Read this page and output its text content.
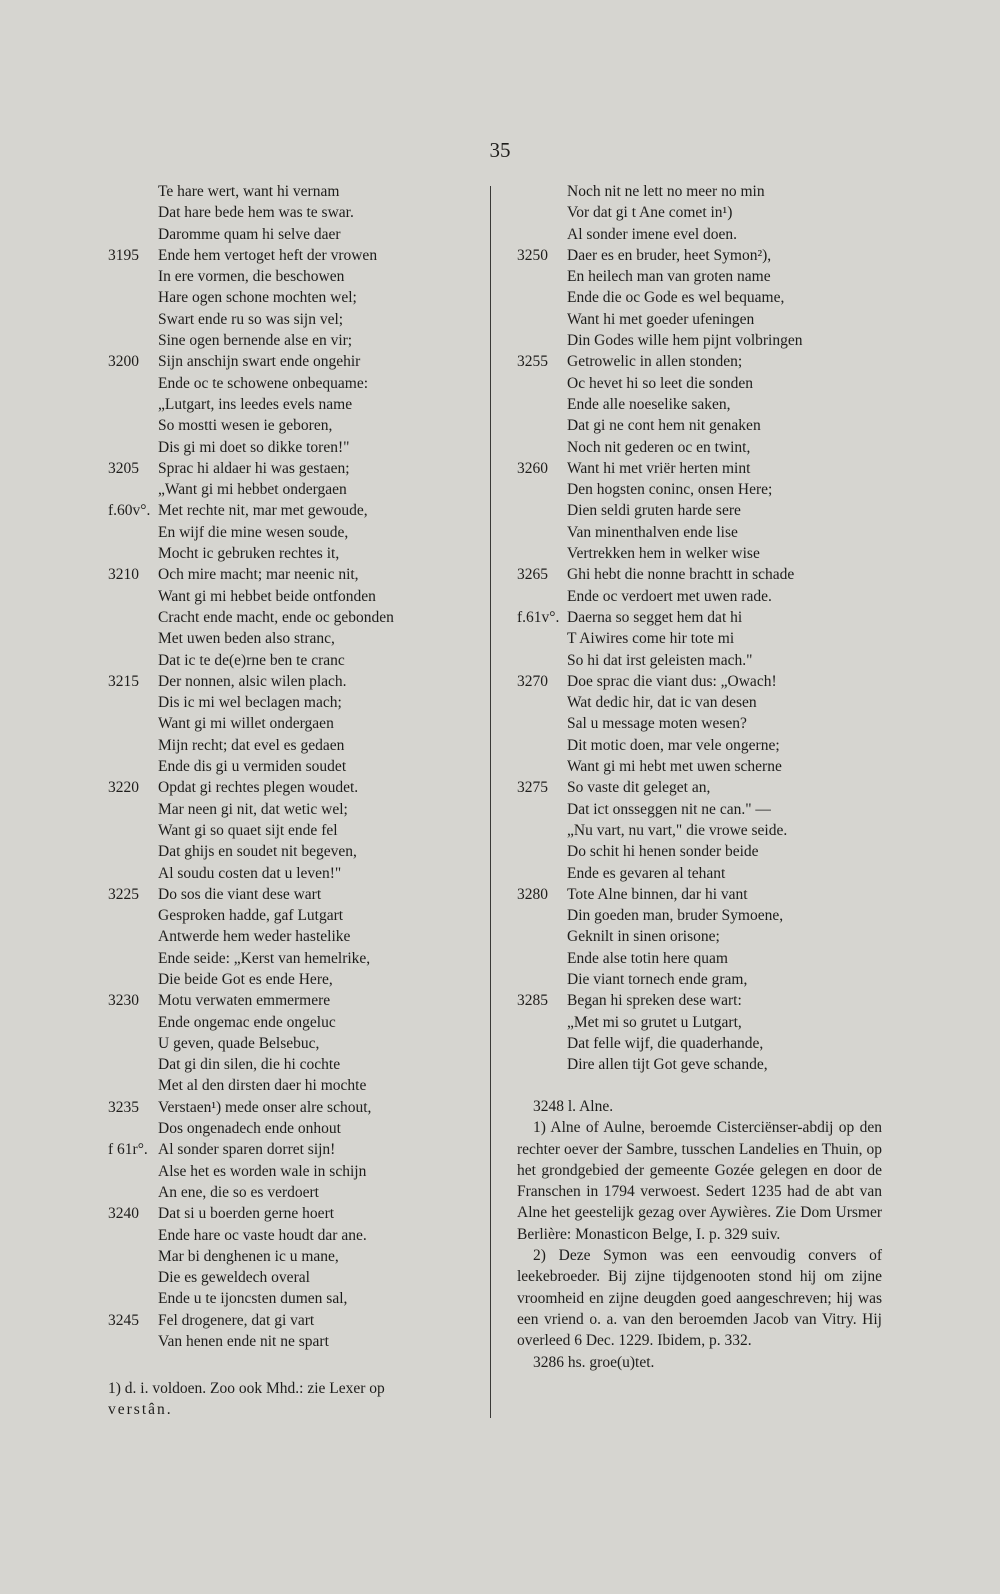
35
Te hare wert, want hi vernam
Dat hare bede hem was te swar.
Daromme quam hi selve daer
3195 Ende hem vertoget heft der vrowen
In ere vormen, die beschowen
Hare ogen schone mochten wel;
Swart ende ru so was sijn vel;
Sine ogen bernende alse en vir;
3200 Sijn anschijn swart ende ongehir
Ende oc te schowene onbequame:
„Lutgart, ins leedes evels name
So mostti wesen ie geboren,
Dis gi mi doet so dikke toren!"
3205 Sprac hi aldaer hi was gestaen;
„Want gi mi hebbet ondergaen
f.60v°. Met rechte nit, mar met gewoude,
En wijf die mine wesen soude,
Mocht ic gebruken rechtes it,
3210 Och mire macht; mar neenic nit,
Want gi mi hebbet beide ontfonden
Cracht ende macht, ende oc gebonden
Met uwen beden also stranc,
Dat ic te de(e)rne ben te cranc
3215 Der nonnen, alsic wilen plach.
Dis ic mi wel beclagen mach;
Want gi mi willet ondergaen
Mijn recht; dat evel es gedaen
Ende dis gi u vermiden soudet
3220 Opdat gi rechtes plegen woudet.
Mar neen gi nit, dat wetic wel;
Want gi so quaet sijt ende fel
Dat ghijs en soudet nit begeven,
Al soudu costen dat u leven!"
3225 Do sos die viant dese wart
Gesproken hadde, gaf Lutgart
Antwerde hem weder hastelike
Ende seide: „Kerst van hemelrike,
Die beide Got es ende Here,
3230 Motu verwaten emmermere
Ende ongemac ende ongeluc
U geven, quade Belsebuc,
Dat gi din silen, die hi cochte
Met al den dirsten daer hi mochte
3235 Verstaen¹) mede onser alre schout,
Dos ongenadech ende onhout
f 61r°. Al sonder sparen dorret sijn!
Alse het es worden wale in schijn
An ene, die so es verdoert
3240 Dat si u boerden gerne hoert
Ende hare oc vaste houdt dar ane.
Mar bi denghenen ic u mane,
Die es geweldech overal
Ende u te ijoncsten dumen sal,
3245 Fel drogenere, dat gi vart
Van henen ende nit ne spart
Noch nit ne lett no meer no min
Vor dat gi t Ane comet in¹)
Al sonder imene evel doen.
3250 Daer es en bruder, heet Symon²),
En heilech man van groten name
Ende die oc Gode es wel bequame,
Want hi met goeder ufeningen
Din Godes wille hem pijnt volbringen
3255 Getrowelic in allen stonden;
Oc hevet hi so leet die sonden
Ende alle noeselike saken,
Dat gi ne cont hem nit genaken
Noch nit gederen oc en twint,
3260 Want hi met vriër herten mint
Den hogsten coninc, onsen Here;
Dien seldi gruten harde sere
Van minenthalven ende lise
Vertrekken hem in welker wise
3265 Ghi hebt die nonne brachtt in schade
Ende oc verdoert met uwen rade.
f.61v°. Daerna so segget hem dat hi
T Aiwires come hir tote mi
So hi dat irst geleisten mach."
3270 Doe sprac die viant dus: „Owach!
Wat dedic hir, dat ic van desen
Sal u message moten wesen?
Dit motic doen, mar vele ongerne;
Want gi mi hebt met uwen scherne
3275 So vaste dit geleget an,
Dat ict onsseggen nit ne can." —
„Nu vart, nu vart," die vrowe seide.
Do schit hi henen sonder beide
Ende es gevaren al tehant
3280 Tote Alne binnen, dar hi vant
Din goeden man, bruder Symoene,
Geknilt in sinen orisone;
Ende alse totin here quam
Die viant tornech ende gram,
3285 Began hi spreken dese wart:
„Met mi so grutet u Lutgart,
Dat felle wijf, die quaderhande,
Dire allen tijt Got geve schande,

1) d. i. voldoen. Zoo ook Mhd.: zie Lexer op

verstân.

3248 l. Alne.

1) Alne of Aulne, beroemde Cisterciënser-abdij op den rechter oever der Sambre, tusschen Landelies en Thuin, op het grondgebied der gemeente Gozée gelegen en door de Franschen in 1794 verwoest. Sedert 1235 had de abt van Alne het geestelijk gezag over Aywières. Zie Dom Ursmer Berlière: Monasticon Belge, I. p. 329 suiv.

2) Deze Symon was een eenvoudig convers of leekebroeder. Bij zijne tijdgenooten stond hij om zijne vroomheid en zijne deugden goed aangeschreven; hij was een vriend o. a. van den beroemden Jacob van Vitry. Hij overleed 6 Dec. 1229. Ibidem, p. 332.

3286 hs. groe(u)tet.
